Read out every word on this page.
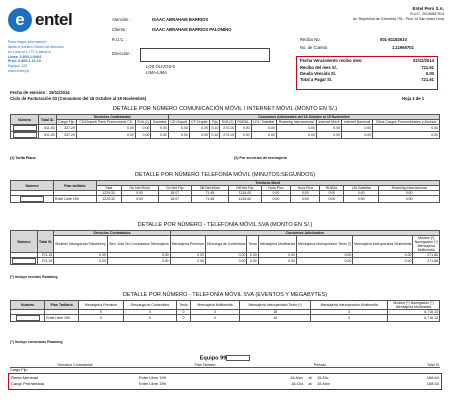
e entel
Para mayor información,
llama a nuestro Centro de Atención
en Lima al 1-777 ó llama a:
Línea: 0-800-1-6464
Prov: 0-800-1-11-10
Equipo: 123
www.entel.pe
Atención :	ISAAC ABRAHAM BARRIOS
Cliente :	ISAAC ABRAHAM BARRIOS PALOMINO
R.U.C. :
Dirección :
LOS OLIVOS-0
LIMA-LIMA
Entel Perú S.A.
R.U.C. 20106897914
Av. República de Colombia 791 - Piso 14 San Isidro Lima
Recibo No.	001-81182633
No. de Cuenta	1.11965701
Fecha Vencimiento recibo mes:	02/12/2014
Recibo del mes S/.	721.61
Deuda Vencida S/.	0.00
Total a Pagar S/.	721.61
Fecha de emisión : 15/11/2014
Ciclo de Facturación 03 (Consumos del 16 Octubre al 15 Noviembre)	Hoja 1 de 1
DETALLE POR NÚMERO COMUNICACIÓN MÓVIL / INTERNET MÓVIL (MONTO EN S/.)
Número	Total S/.	Servicios Contratados				Consumos Adicionales del 16 Octubre al 15 Noviembre									
		Cargo Fijo	CD/Orquet/ Pack Promocional CD	SVA (1)	Garantía	CD Orquet	CF Orquet	Fijo	SVA (2)	RURAL	LDI / Satelital	Roaming Internacional	Internet Móvil	Internet Nacional	Otros Cargos Promocionales y Abonos
	611.53	337.29	0.00	0.00	0.00	0.00	0.00	0.10	274.15	0.00	0.00	0.00	0.00	0.00	0.00
	611.53	337.29	0.00	0.00	0.00	0.00	0.00	0.10	274.15	0.00	0.00	0.00	0.00	0.00	0.00
(1) Tarifa Plana	(2) Por servicios de mensajería
DETALLE POR NÚMERO TELEFONÍA MÓVIL (MINUTOS:SEGUNDOS)
Número	Plan tarifario	Telefonía Móvil									
		Total	On Net Móvil	On Net Fijo	Off Net Móvil	Off Net Fijo	Hora Pico	Hora Pico	RURAL	LDI Satelital	Roaming Internacional
		1224:32	0:00	18:07	71:45	1134:40	0:00	0:00	0:00	0:00	0:00
	Entel Libre 199	1224:32	0:00	18:07	71:45	1134:40	0:00	0:00	0:00	0:00	0:00
DETALLE POR NÚMERO - TELEFONÍA MÓVIL SVA (MONTO EN S/.)
Número	Total S/.	Servicios Contratados		Consumos Adicionales						
		Modem/ Navegación/ Blackberry	Serv. Add On/ Localizador/ Mensajería	Mensajería Premium	Descarga de Contenidos	Texto	Mensajería Multimedia	Mensajería Interoperador Texto (*)	Mensajería Interoperador Multimedia	Modem (*) Navegación (*) Mensajería Multimedia
	274.15	0.00	0.00	0.00	0.00	0.00	0.00	0.00	0.00	271.66
	274.15	0.00	0.00	0.00	0.00	0.00	0.00	0.00	0.00	271.66
(*) Incluye montos Roaming
DETALLE POR NÚMERO - TELEFONÍA MÓVIL SVA (EVENTOS Y MEGABYTES)
Número	Plan Tarifario	Mensajería Premium	Descarga de Contenidos	Texto	Mensajería Multimedia	Mensajería Interoperador Texto (*)	Mensajería Interoperador Multimedia	Modem (*) Navegación (*) Mensajería Multimedia
		0	0	0	0	18	0	6,716.13
	Entel Libre 199	0	0	0	0	18	0	6,716.13
(*) Incluye consumos Roaming
Equipo 99
Servicios Contratados	Plan Tarifario	Periodo	Total S/.
Cargo Fijo
Renta Mensual	Entel Libre 199	16-Nov	al	15-Dic	168.64
Cargo Prorrateada	Entel Libre 199	16-Oct	al	15-Nov	168.64
